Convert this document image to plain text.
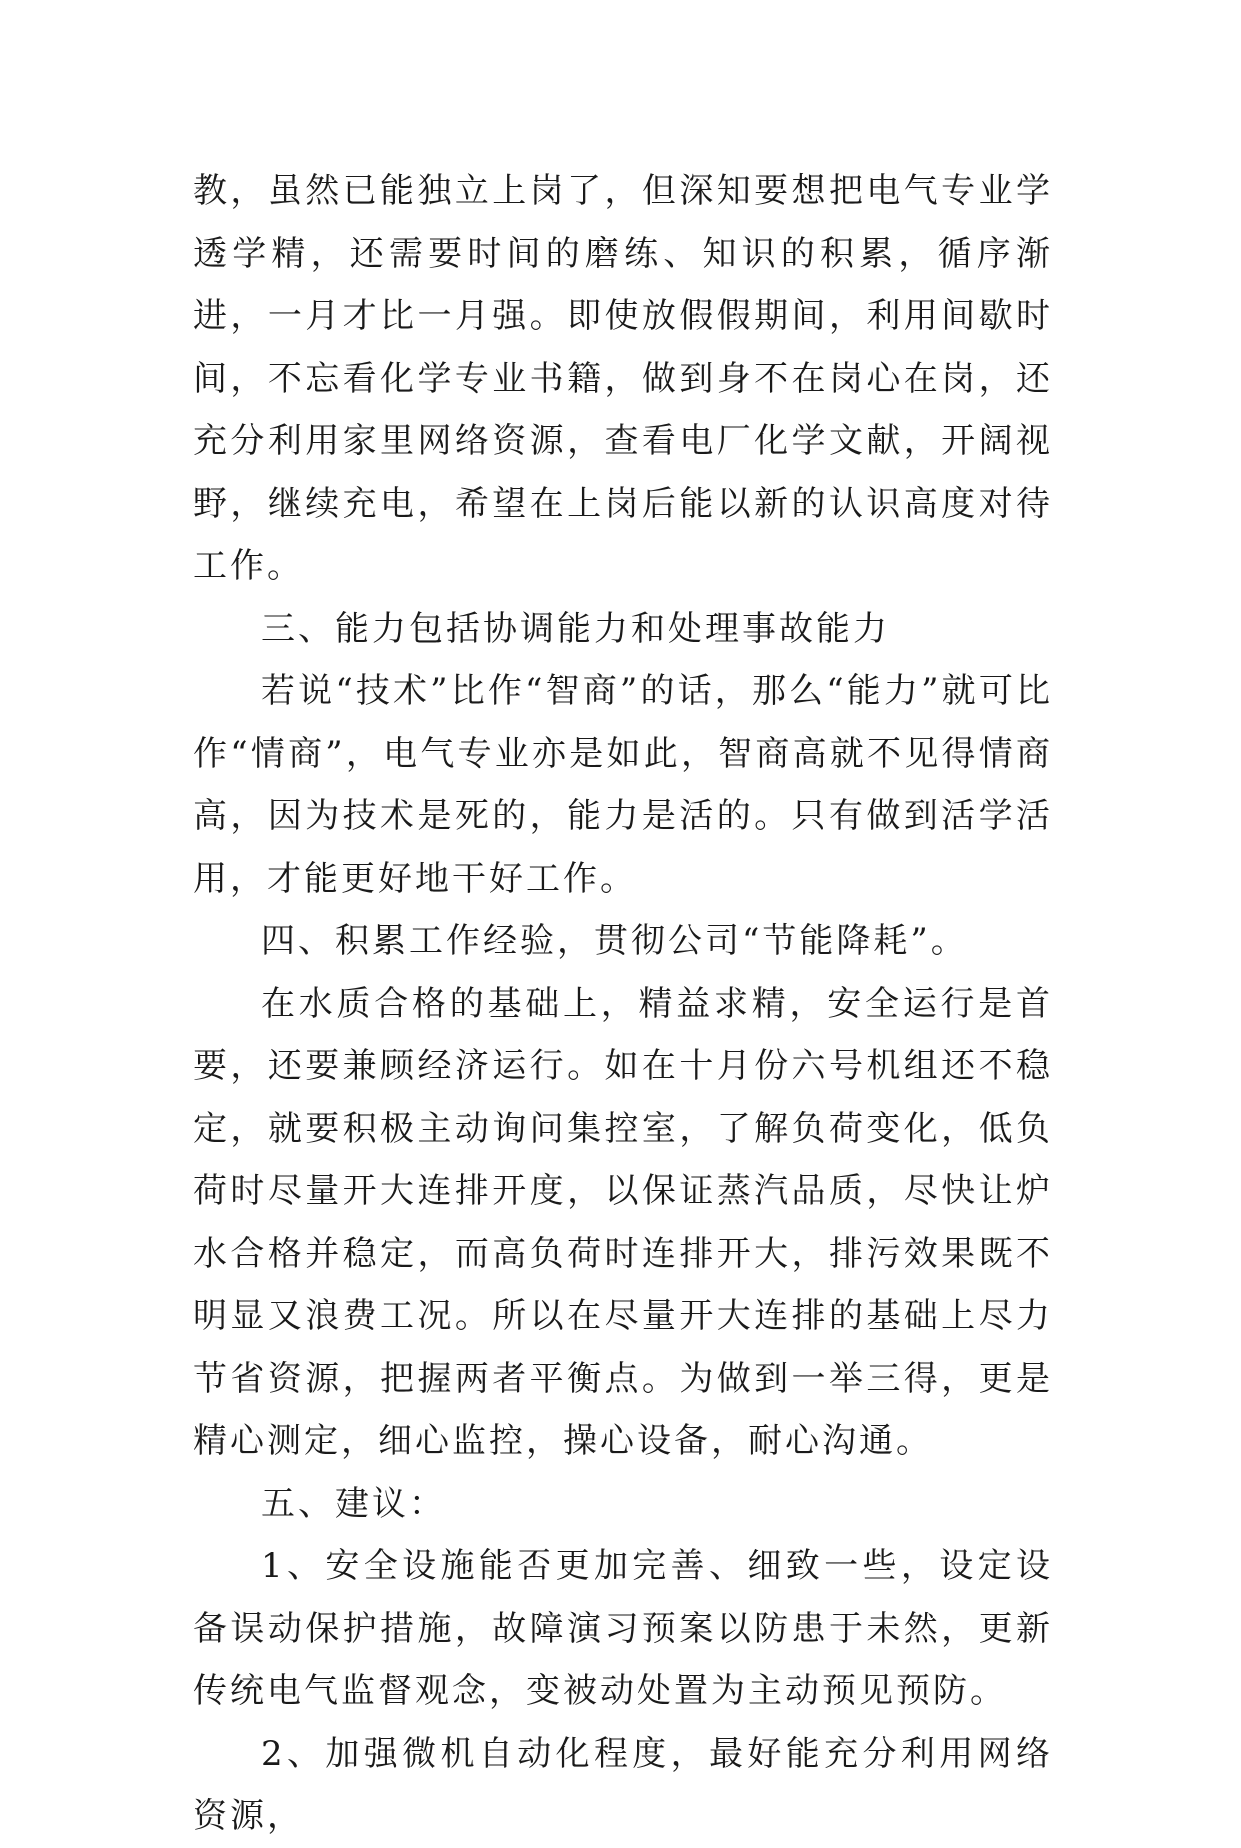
教，虽然已能独立上岗了，但深知要想把电气专业学透学精，还需要时间的磨练、知识的积累，循序渐进，一月才比一月强。即使放假假期间，利用间歇时间，不忘看化学专业书籍，做到身不在岗心在岗，还充分利用家里网络资源，查看电厂化学文献，开阔视野，继续充电，希望在上岗后能以新的认识高度对待工作。

三、能力包括协调能力和处理事故能力

若说“技术”比作“智商”的话，那么“能力”就可比作“情商”，电气专业亦是如此，智商高就不见得情商高，因为技术是死的，能力是活的。只有做到活学活用，才能更好地干好工作。

四、积累工作经验，贯彻公司“节能降耗”。

在水质合格的基础上，精益求精，安全运行是首要，还要兼顾经济运行。如在十月份六号机组还不稳定，就要积极主动询问集控室，了解负荷变化，低负荷时尽量开大连排开度，以保证蒸汽品质，尽快让炉水合格并稳定，而高负荷时连排开大，排污效果既不明显又浪费工况。所以在尽量开大连排的基础上尽力节省资源，把握两者平衡点。为做到一举三得，更是精心测定，细心监控，操心设备，耐心沟通。

五、建议：

1、安全设施能否更加完善、细致一些，设定设备误动保护措施，故障演习预案以防患于未然，更新传统电气监督观念，变被动处置为主动预见预防。

2、加强微机自动化程度，最好能充分利用网络资源，
